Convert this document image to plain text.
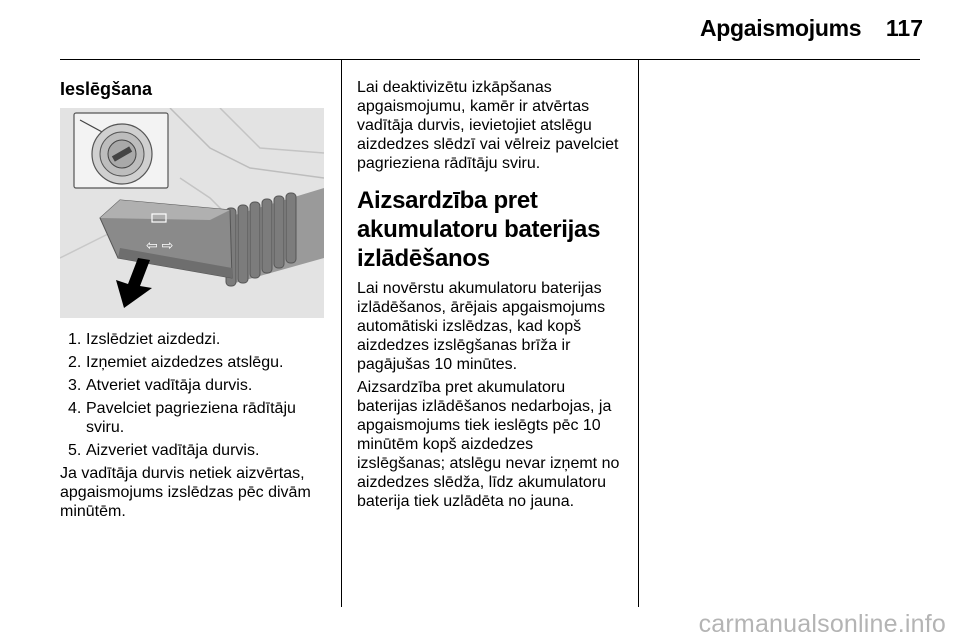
Apgaismojums	117
Ieslēgšana
⇦ ⇨
1. Izslēdziet aizdedzi.
2. Izņemiet aizdedzes atslēgu.
3. Atveriet vadītāja durvis.
4. Pavelciet pagrieziena rādītāju sviru.
5. Aizveriet vadītāja durvis.

Ja vadītāja durvis netiek aizvērtas, apgaismojums izslēdzas pēc divām minūtēm.

Lai deaktivizētu izkāpšanas apgaismojumu, kamēr ir atvērtas vadītāja durvis, ievietojiet atslēgu aizdedzes slēdzī vai vēlreiz pavelciet pagrieziena rādītāju sviru.

Aizsardzība pret akumulatoru baterijas izlādēšanos

Lai novērstu akumulatoru baterijas izlādēšanos, ārējais apgaismojums automātiski izslēdzas, kad kopš aizdedzes izslēgšanas brīža ir pagājušas 10 minūtes.

Aizsardzība pret akumulatoru baterijas izlādēšanos nedarbojas, ja apgaismojums tiek ieslēgts pēc 10 minūtēm kopš aizdedzes izslēgšanas; atslēgu nevar izņemt no aizdedzes slēdža, līdz akumulatoru baterija tiek uzlādēta no jauna.

carmanualsonline.info
